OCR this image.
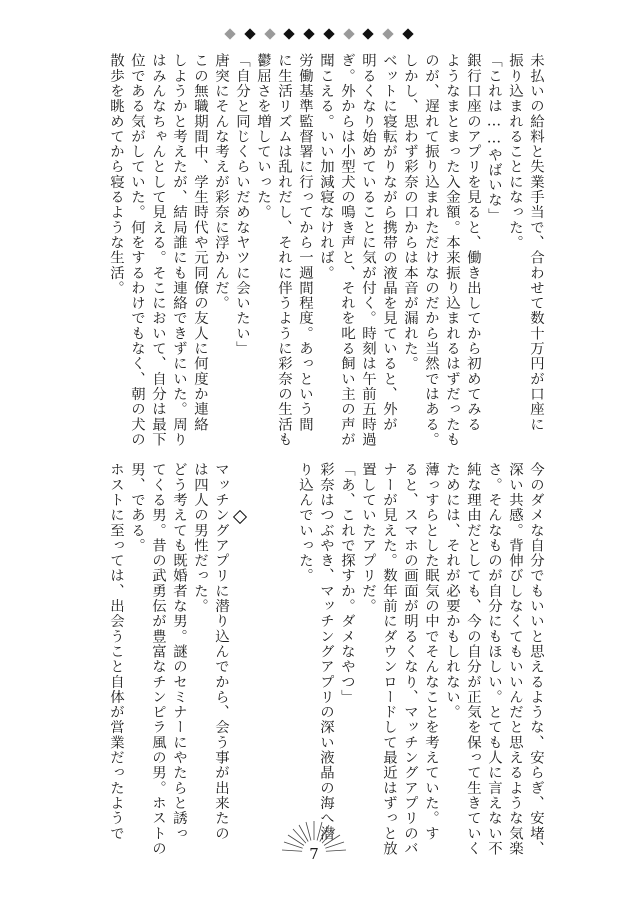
未払いの給料と失業手当で、合わせて数十万円が口座に
振り込まれることになった。
「これは……やばいな」
銀行口座のアプリを見ると、働き出してから初めてみる
ようなまとまった入金額。本来振り込まれるはずだったも
のが、遅れて振り込まれただけなのだから当然ではある。
しかし、思わず彩奈の口からは本音が漏れた。
ベットに寝転がりながら携帯の液晶を見ていると、外が
明るくなり始めていることに気が付く。時刻は午前五時過
ぎ。外からは小型犬の鳴き声と、それを叱る飼い主の声が
聞こえる。いい加減寝なければ。
労働基準監督署に行ってから一週間程度。あっという間
に生活リズムは乱れだし、それに伴うように彩奈の生活も
鬱屈さを増していった。
「自分と同じくらいだめなヤツに会いたい」
唐突にそんな考えが彩奈に浮かんだ。
この無職期間中、学生時代や元同僚の友人に何度か連絡
しようかと考えたが、結局誰にも連絡できずにいた。周り
はみんなちゃんとして見える。そこにおいて、自分は最下
位である気がしていた。何をするわけでもなく、朝の犬の
散歩を眺めてから寝るような生活。
今のダメな自分でもいいと思えるような、安らぎ、安堵、
深い共感。背伸びしなくてもいいんだと思えるような気楽
さ。そんなものが自分にもほしい。とても人に言えない不
純な理由だとしても、今の自分が正気を保って生きていく
ためには、それが必要かもしれない。
薄っすらとした眠気の中でそんなことを考えていた。す
ると、スマホの画面が明るくなり、マッチングアプリのバ
ナーが見えた。数年前にダウンロードして最近はずっと放
置していたアプリだ。
「あ、これで探すか。ダメなやつ」
彩奈はつぶやき、マッチングアプリの深い液晶の海へ潜
り込んでいった。
マッチングアプリに潜り込んでから、会う事が出来たの
は四人の男性だった。
どう考えても既婚者な男。謎のセミナーにやたらと誘っ
てくる男。昔の武勇伝が豊富なチンピラ風の男。ホストの
男、である。
ホストに至っては、出会うこと自体が営業だったようで
7
